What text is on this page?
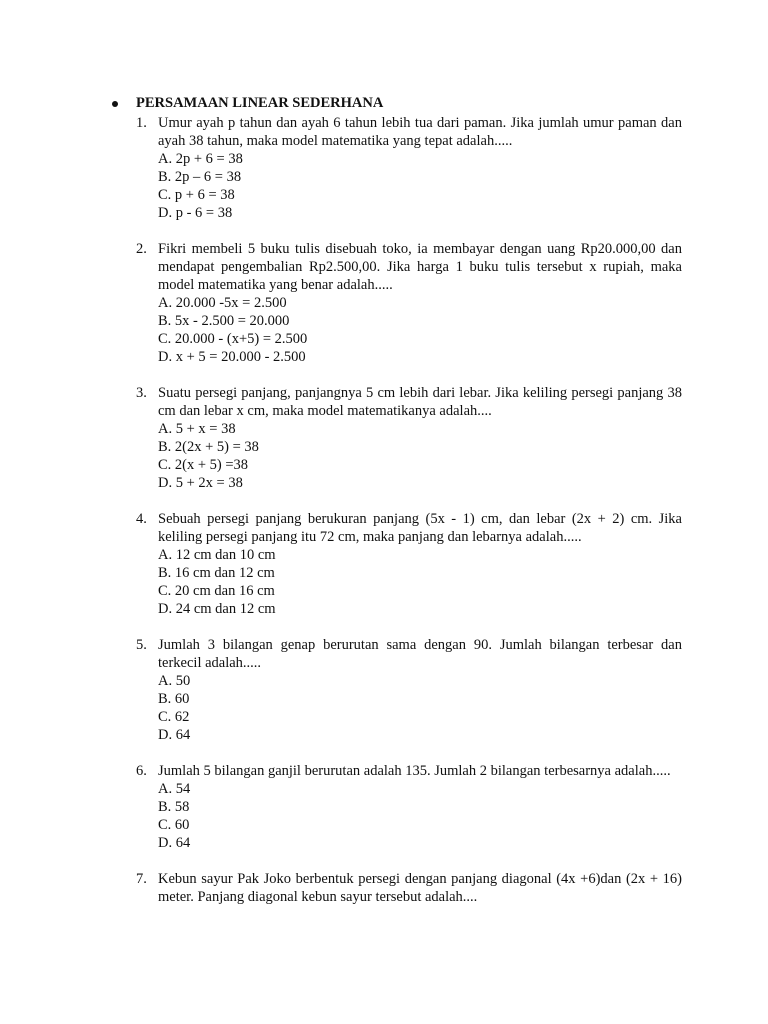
PERSAMAAN LINEAR SEDERHANA
1. Umur ayah p tahun dan ayah 6 tahun lebih tua dari paman. Jika jumlah umur paman dan ayah 38 tahun, maka model matematika yang tepat adalah.....
A. 2p + 6 = 38
B. 2p – 6 = 38
C. p + 6 = 38
D. p - 6 = 38
2. Fikri membeli 5 buku tulis disebuah toko, ia membayar dengan uang Rp20.000,00 dan mendapat pengembalian Rp2.500,00. Jika harga 1 buku tulis tersebut x rupiah, maka model matematika yang benar adalah.....
A. 20.000 -5x = 2.500
B. 5x - 2.500 = 20.000
C. 20.000 - (x+5) = 2.500
D. x + 5 = 20.000 - 2.500
3. Suatu persegi panjang, panjangnya 5 cm lebih dari lebar. Jika keliling persegi panjang 38 cm dan lebar x cm, maka model matematikanya adalah....
A. 5 + x = 38
B. 2(2x + 5) = 38
C. 2(x + 5) =38
D. 5 + 2x = 38
4. Sebuah persegi panjang berukuran panjang (5x - 1) cm, dan lebar (2x + 2) cm. Jika keliling persegi panjang itu 72 cm, maka panjang dan lebarnya adalah.....
A. 12 cm dan 10 cm
B. 16 cm dan 12 cm
C. 20 cm dan 16 cm
D. 24 cm dan 12 cm
5. Jumlah 3 bilangan genap berurutan sama dengan 90. Jumlah bilangan terbesar dan terkecil adalah.....
A. 50
B. 60
C. 62
D. 64
6. Jumlah 5 bilangan ganjil berurutan adalah 135. Jumlah 2 bilangan terbesarnya adalah.....
A. 54
B. 58
C. 60
D. 64
7. Kebun sayur Pak Joko berbentuk persegi dengan panjang diagonal (4x +6)dan (2x + 16) meter. Panjang diagonal kebun sayur tersebut adalah....
